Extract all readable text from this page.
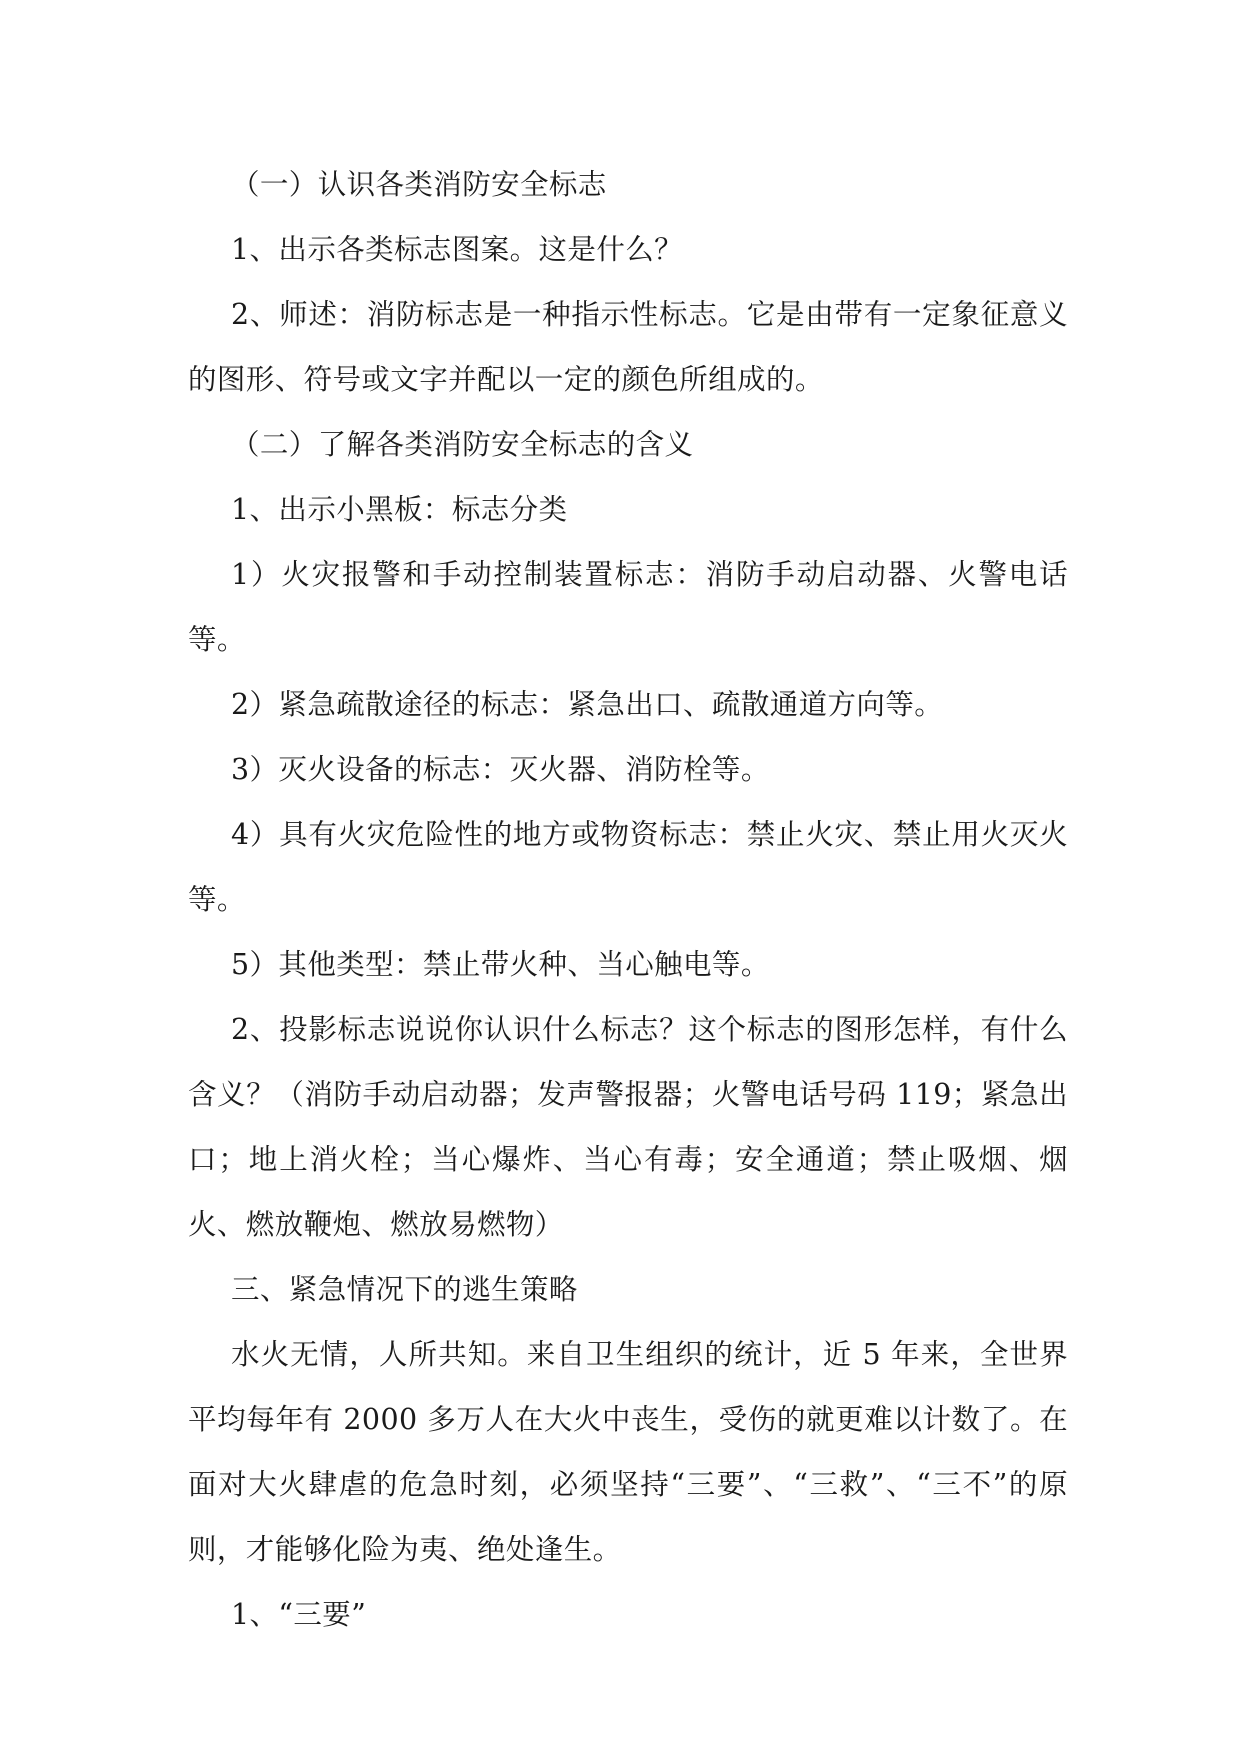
（一）认识各类消防安全标志

1、出示各类标志图案。这是什么？

2、师述：消防标志是一种指示性标志。它是由带有一定象征意义的图形、符号或文字并配以一定的颜色所组成的。

（二）了解各类消防安全标志的含义

1、出示小黑板：标志分类

1）火灾报警和手动控制装置标志：消防手动启动器、火警电话等。

2）紧急疏散途径的标志：紧急出口、疏散通道方向等。

3）灭火设备的标志：灭火器、消防栓等。

4）具有火灾危险性的地方或物资标志：禁止火灾、禁止用火灭火等。

5）其他类型：禁止带火种、当心触电等。

2、投影标志说说你认识什么标志？这个标志的图形怎样，有什么含义？（消防手动启动器；发声警报器；火警电话号码 119；紧急出口；地上消火栓；当心爆炸、当心有毒；安全通道；禁止吸烟、烟火、燃放鞭炮、燃放易燃物）

三、紧急情况下的逃生策略

水火无情，人所共知。来自卫生组织的统计，近 5 年来，全世界平均每年有 2000 多万人在大火中丧生，受伤的就更难以计数了。在面对大火肆虐的危急时刻，必须坚持“三要”、“三救”、“三不”的原则，才能够化险为夷、绝处逢生。

1、“三要”
